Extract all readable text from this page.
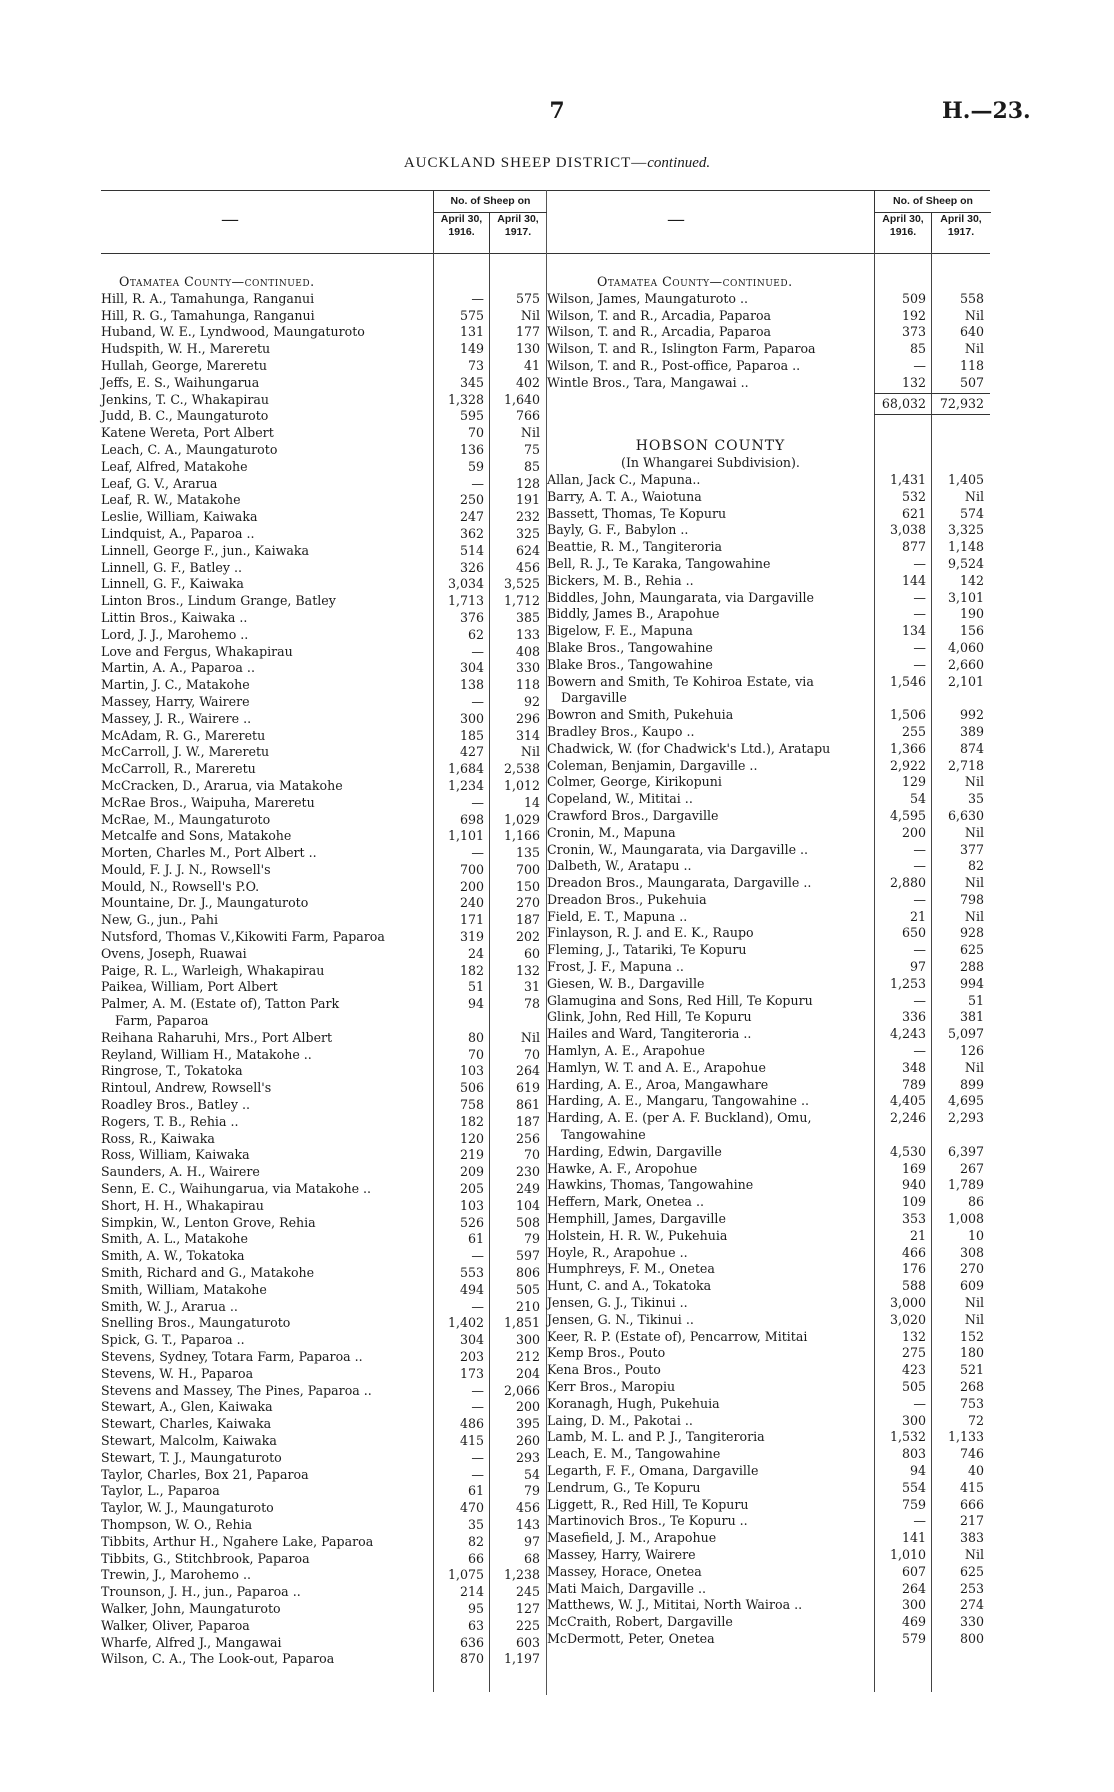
7	H.—23.
AUCKLAND SHEEP DISTRICT—continued.
—
No. of Sheep on
April 30,
1916.
April 30,
1917.
Otamatea County—continued.
Hill, R. A., Tamahunga, Ranganui	—	575
Hill, R. G., Tamahunga, Ranganui	575	Nil
Huband, W. E., Lyndwood, Maungaturoto	131	177
Hudspith, W. H., Mareretu	149	130
Hullah, George, Mareretu	73	41
Jeffs, E. S., Waihungarua	345	402
Jenkins, T. C., Whakapirau	1,328 1,640
Judd, B. C., Maungaturoto	595	766
Katene Wereta, Port Albert	70	Nil
Leach, C. A., Maungaturoto	136	75
Leaf, Alfred, Matakohe	59	85
Leaf, G. V., Ararua	—	128
Leaf, R. W., Matakohe	250	191
Leslie, William, Kaiwaka	247	232
Lindquist, A., Paparoa ..	362	325
Linnell, George F., jun., Kaiwaka	514	624
Linnell, G. F., Batley ..	326	456
Linnell, G. F., Kaiwaka	3,034 3,525
Linton Bros., Lindum Grange, Batley	1,713 1,712
Littin Bros., Kaiwaka ..	376	385
Lord, J. J., Marohemo ..	62	133
Love and Fergus, Whakapirau	—	408
Martin, A. A., Paparoa ..	304	330
Martin, J. C., Matakohe	138	118
Massey, Harry, Wairere	—	92
Massey, J. R., Wairere ..	300	296
McAdam, R. G., Mareretu	185	314
McCarroll, J. W., Mareretu	427	Nil
McCarroll, R., Mareretu	1,684 2,538
McCracken, D., Ararua, via Matakohe	1,234 1,012
McRae Bros., Waipuha, Mareretu	—	14
McRae, M., Maungaturoto	698 1,029
Metcalfe and Sons, Matakohe	1,101 1,166
Morten, Charles M., Port Albert ..	—	135
Mould, F. J. J. N., Rowsell's	700	700
Mould, N., Rowsell's P.O.	200	150
Mountaine, Dr. J., Maungaturoto	240	270
New, G., jun., Pahi	171	187
Nutsford, Thomas V.,Kikowiti Farm, Paparoa	319	202
Ovens, Joseph, Ruawai	24	60
Paige, R. L., Warleigh, Whakapirau	182	132
Paikea, William, Port Albert	51	31
Palmer, A. M. (Estate of), Tatton Park	94	78
Farm, Paparoa
Reihana Raharuhi, Mrs., Port Albert	80	Nil
Reyland, William H., Matakohe ..	70	70
Ringrose, T., Tokatoka	103	264
Rintoul, Andrew, Rowsell's	506	619
Roadley Bros., Batley ..	758	861
Rogers, T. B., Rehia ..	182	187
Ross, R., Kaiwaka	120	256
Ross, William, Kaiwaka	219	70
Saunders, A. H., Wairere	209	230
Senn, E. C., Waihungarua, via Matakohe ..	205	249
Short, H. H., Whakapirau	103	104
Simpkin, W., Lenton Grove, Rehia	526	508
Smith, A. L., Matakohe	61	79
Smith, A. W., Tokatoka	—	597
Smith, Richard and G., Matakohe	553	806
Smith, William, Matakohe	494	505
Smith, W. J., Ararua ..	—	210
Snelling Bros., Maungaturoto	1,402 1,851
Spick, G. T., Paparoa ..	304	300
Stevens, Sydney, Totara Farm, Paparoa ..	203	212
Stevens, W. H., Paparoa	173	204
Stevens and Massey, The Pines, Paparoa ..	— 2,066
Stewart, A., Glen, Kaiwaka	—	200
Stewart, Charles, Kaiwaka	486	395
Stewart, Malcolm, Kaiwaka	415	260
Stewart, T. J., Maungaturoto	—	293
Taylor, Charles, Box 21, Paparoa	—	54
Taylor, L., Paparoa	61	79
Taylor, W. J., Maungaturoto	470	456
Thompson, W. O., Rehia	35	143
Tibbits, Arthur H., Ngahere Lake, Paparoa	82	97
Tibbits, G., Stitchbrook, Paparoa	66	68
Trewin, J., Marohemo ..	1,075 1,238
Trounson, J. H., jun., Paparoa ..	214	245
Walker, John, Maungaturoto	95	127
Walker, Oliver, Paparoa	63	225
Wharfe, Alfred J., Mangawai	636	603
Wilson, C. A., The Look-out, Paparoa	870 1,197
—
No. of Sheep on
April 30,
1916.
April 30,
1917.
Otamatea County—continued.
Wilson, James, Maungaturoto ..	509	558
Wilson, T. and R., Arcadia, Paparoa	192	Nil
Wilson, T. and R., Arcadia, Paparoa	373	640
Wilson, T. and R., Islington Farm, Paparoa	85	Nil
Wilson, T. and R., Post-office, Paparoa ..	—	118
Wintle Bros., Tara, Mangawai ..	132	507
68,032 72,932
HOBSON COUNTY
(In Whangarei Subdivision).
Allan, Jack C., Mapuna..	1,431 1,405
Barry, A. T. A., Waiotuna	532	Nil
Bassett, Thomas, Te Kopuru	621	574
Bayly, G. F., Babylon ..	3,038 3,325
Beattie, R. M., Tangiteroria	877 1,148
Bell, R. J., Te Karaka, Tangowahine	— 9,524
Bickers, M. B., Rehia ..	144	142
Biddles, John, Maungarata, via Dargaville	— 3,101
Biddly, James B., Arapohue	—	190
Bigelow, F. E., Mapuna	134	156
Blake Bros., Tangowahine	— 4,060
Blake Bros., Tangowahine	— 2,660
Bowern and Smith, Te Kohiroa Estate, via	1,546 2,101
Dargaville
Bowron and Smith, Pukehuia	1,506	992
Bradley Bros., Kaupo ..	255	389
Chadwick, W. (for Chadwick's Ltd.), Aratapu	1,366	874
Coleman, Benjamin, Dargaville ..	2,922 2,718
Colmer, George, Kirikopuni	129	Nil
Copeland, W., Mititai ..	54	35
Crawford Bros., Dargaville	4,595 6,630
Cronin, M., Mapuna	200	Nil
Cronin, W., Maungarata, via Dargaville ..	—	377
Dalbeth, W., Aratapu ..	—	82
Dreadon Bros., Maungarata, Dargaville ..	2,880	Nil
Dreadon Bros., Pukehuia	—	798
Field, E. T., Mapuna ..	21	Nil
Finlayson, R. J. and E. K., Raupo	650	928
Fleming, J., Tatariki, Te Kopuru	—	625
Frost, J. F., Mapuna ..	97	288
Giesen, W. B., Dargaville	1,253	994
Glamugina and Sons, Red Hill, Te Kopuru	—	51
Glink, John, Red Hill, Te Kopuru	336	381
Hailes and Ward, Tangiteroria ..	4,243 5,097
Hamlyn, A. E., Arapohue	—	126
Hamlyn, W. T. and A. E., Arapohue	348	Nil
Harding, A. E., Aroa, Mangawhare	789	899
Harding, A. E., Mangaru, Tangowahine ..	4,405 4,695
Harding, A. E. (per A. F. Buckland), Omu,	2,246 2,293
Tangowahine
Harding, Edwin, Dargaville	4,530 6,397
Hawke, A. F., Aropohue	169	267
Hawkins, Thomas, Tangowahine	940 1,789
Heffern, Mark, Onetea ..	109	86
Hemphill, James, Dargaville	353 1,008
Holstein, H. R. W., Pukehuia	21	10
Hoyle, R., Arapohue ..	466	308
Humphreys, F. M., Onetea	176	270
Hunt, C. and A., Tokatoka	588	609
Jensen, G. J., Tikinui ..	3,000	Nil
Jensen, G. N., Tikinui ..	3,020	Nil
Keer, R. P. (Estate of), Pencarrow, Mititai	132	152
Kemp Bros., Pouto	275	180
Kena Bros., Pouto	423	521
Kerr Bros., Maropiu	505	268
Koranagh, Hugh, Pukehuia	—	753
Laing, D. M., Pakotai ..	300	72
Lamb, M. L. and P. J., Tangiteroria	1,532 1,133
Leach, E. M., Tangowahine	803	746
Legarth, F. F., Omana, Dargaville	94	40
Lendrum, G., Te Kopuru	554	415
Liggett, R., Red Hill, Te Kopuru	759	666
Martinovich Bros., Te Kopuru ..	—	217
Masefield, J. M., Arapohue	141	383
Massey, Harry, Wairere	1,010	Nil
Massey, Horace, Onetea	607	625
Mati Maich, Dargaville ..	264	253
Matthews, W. J., Mititai, North Wairoa ..	300	274
McCraith, Robert, Dargaville	469	330
McDermott, Peter, Onetea	579	800
